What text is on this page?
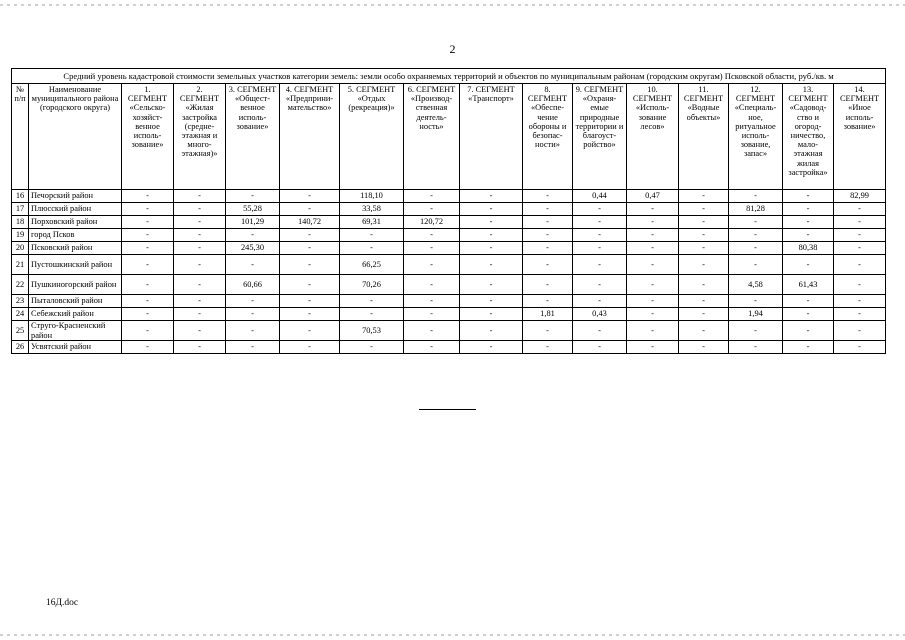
2
Средний уровень кадастровой стоимости земельных участков категории земель: земли особо охраняемых территорий и объектов по муниципальным районам (городским округам) Псковской области, руб./кв. м															
№ п/п	Наименование муниципального района (городского округа)	1. СЕГМЕНТ «Сельско-хозяйст-венное исполь-зование»	2. СЕГМЕНТ «Жилая застройка (средне-этажная и много-этажная)»	3. СЕГМЕНТ «Общест-венное исполь-зование»	4. СЕГМЕНТ «Предприни-мательство»	5. СЕГМЕНТ «Отдых (рекреация)»	6. СЕГМЕНТ «Производ-ственная деятель-ность»	7. СЕГМЕНТ «Транспорт»	8. СЕГМЕНТ «Обеспе-чение обороны и безопас-ности»	9. СЕГМЕНТ «Охраня-емые природные территории и благоуст-ройство»	10. СЕГМЕНТ «Исполь-зование лесов»	11. СЕГМЕНТ «Водные объекты»	12. СЕГМЕНТ «Специаль-ное, ритуальное исполь-зование, запас»	13. СЕГМЕНТ «Садовод-ство и огород-ничество, мало-этажная жилая застройка»	14. СЕГМЕНТ «Иное исполь-зование»
16	Печорский район	-	-	-	-	118,10	-	-	-	0,44	0,47	-	-	-	82,99
17	Плюсский район	-	-	55,28	-	33,58	-	-	-	-	-	-	81,28	-	-
18	Порховский район	-	-	101,29	140,72	69,31	120,72	-	-	-	-	-	-	-	-
19	город Псков	-	-	-	-	-	-	-	-	-	-	-	-	-	-
20	Псковский район	-	-	245,30	-	-	-	-	-	-	-	-	-	80,38	-
21	Пустошкинский район	-	-	-	-	66,25	-	-	-	-	-	-	-	-	-
22	Пушкиногорский район	-	-	60,66	-	70,26	-	-	-	-	-	-	4,58	61,43	-
23	Пыталовский район	-	-	-	-	-	-	-	-	-	-	-	-	-	-
24	Себежский район	-	-	-	-	-	-	-	1,81	0,43	-	-	1,94	-	-
25	Струго-Красненский район	-	-	-	-	70,53	-	-	-	-	-	-	-	-	-
26	Усвятский район	-	-	-	-	-	-	-	-	-	-	-	-	-	-
16Д.doc
